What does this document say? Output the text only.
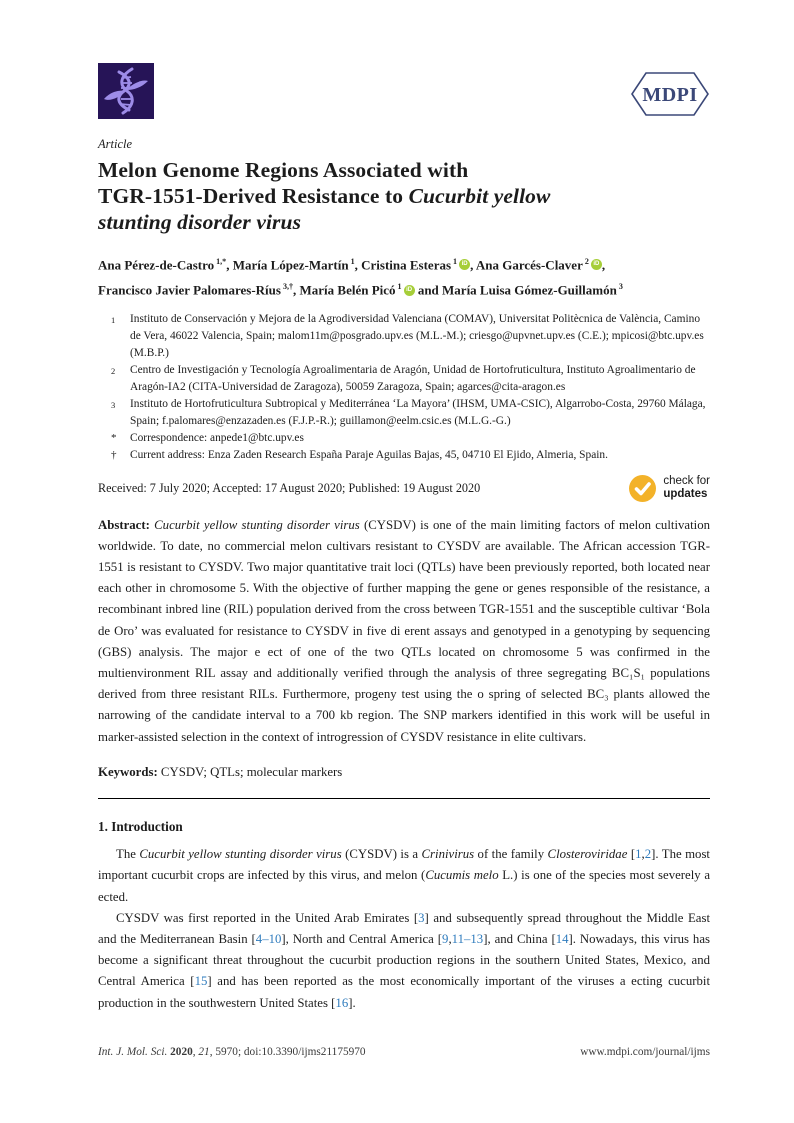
MDPI
Article
Melon Genome Regions Associated with
TGR-1551-Derived Resistance to Cucurbit yellow
stunting disorder virus
Ana Pérez-de-Castro $^{1,*}$, María López-Martín $^1$, Cristina Esteras $^1$ iD , Ana Garcés-Claver $^2$ iD ,
Francisco Javier Palomares-Ríus $^{3,\dagger}$, María Belén Picó $^1$ iD and María Luisa Gómez-Guillamón $^3$
1	Instituto de Conservación y Mejora de la Agrodiversidad Valenciana (COMAV), Universitat Politècnica de València, Camino de Vera, 46022 Valencia, Spain; malom11m@posgrado.upv.es (M.L.-M.); criesgo@upvnet.upv.es (C.E.); mpicosi@btc.upv.es (M.B.P.)
2	Centro de Investigación y Tecnología Agroalimentaria de Aragón, Unidad de Hortofruticultura, Instituto Agroalimentario de Aragón-IA2 (CITA-Universidad de Zaragoza), 50059 Zaragoza, Spain; agarces@cita-aragon.es
3	Instituto de Hortofruticultura Subtropical y Mediterránea ‘La Mayora’ (IHSM, UMA-CSIC), Algarrobo-Costa, 29760 Málaga, Spain; f.palomares@enzazaden.es (F.J.P.-R.); guillamon@eelm.csic.es (M.L.G.-G.)
*	Correspondence: anpede1@btc.upv.es
†	Current address: Enza Zaden Research España Paraje Aguilas Bajas, 45, 04710 El Ejido, Almeria, Spain.
Received: 7 July 2020; Accepted: 17 August 2020; Published: 19 August 2020	check for
updates

Abstract: Cucurbit yellow stunting disorder virus (CYSDV) is one of the main limiting factors of melon cultivation worldwide. To date, no commercial melon cultivars resistant to CYSDV are available. The African accession TGR-1551 is resistant to CYSDV. Two major quantitative trait loci (QTLs) have been previously reported, both located near each other in chromosome 5. With the objective of further mapping the gene or genes responsible of the resistance, a recombinant inbred line (RIL) population derived from the cross between TGR-1551 and the susceptible cultivar ‘Bola de Oro’ was evaluated for resistance to CYSDV in five di erent assays and genotyped in a genotyping by sequencing (GBS) analysis. The major e ect of one of the two QTLs located on chromosome 5 was confirmed in the multienvironment RIL assay and additionally verified through the analysis of three segregating BC₁S₁ populations derived from three resistant RILs. Furthermore, progeny test using the o spring of selected BC₃ plants allowed the narrowing of the candidate interval to a 700 kb region. The SNP markers identified in this work will be useful in marker-assisted selection in the context of introgression of CYSDV resistance in elite cultivars.

Keywords: CYSDV; QTLs; molecular markers

1. Introduction

The Cucurbit yellow stunting disorder virus (CYSDV) is a Crinivirus of the family Closteroviridae [1,2]. The most important cucurbit crops are infected by this virus, and melon (Cucumis melo L.) is one of the species most severely a ected.

CYSDV was first reported in the United Arab Emirates [3] and subsequently spread throughout the Middle East and the Mediterranean Basin [4–10], North and Central America [9,11–13], and China [14]. Nowadays, this virus has become a significant threat throughout the cucurbit production regions in the southern United States, Mexico, and Central America [15] and has been reported as the most economically important of the viruses a ecting cucurbit production in the southwestern United States [16].

Int. J. Mol. Sci. 2020, 21, 5970; doi:10.3390/ijms21175970	www.mdpi.com/journal/ijms
